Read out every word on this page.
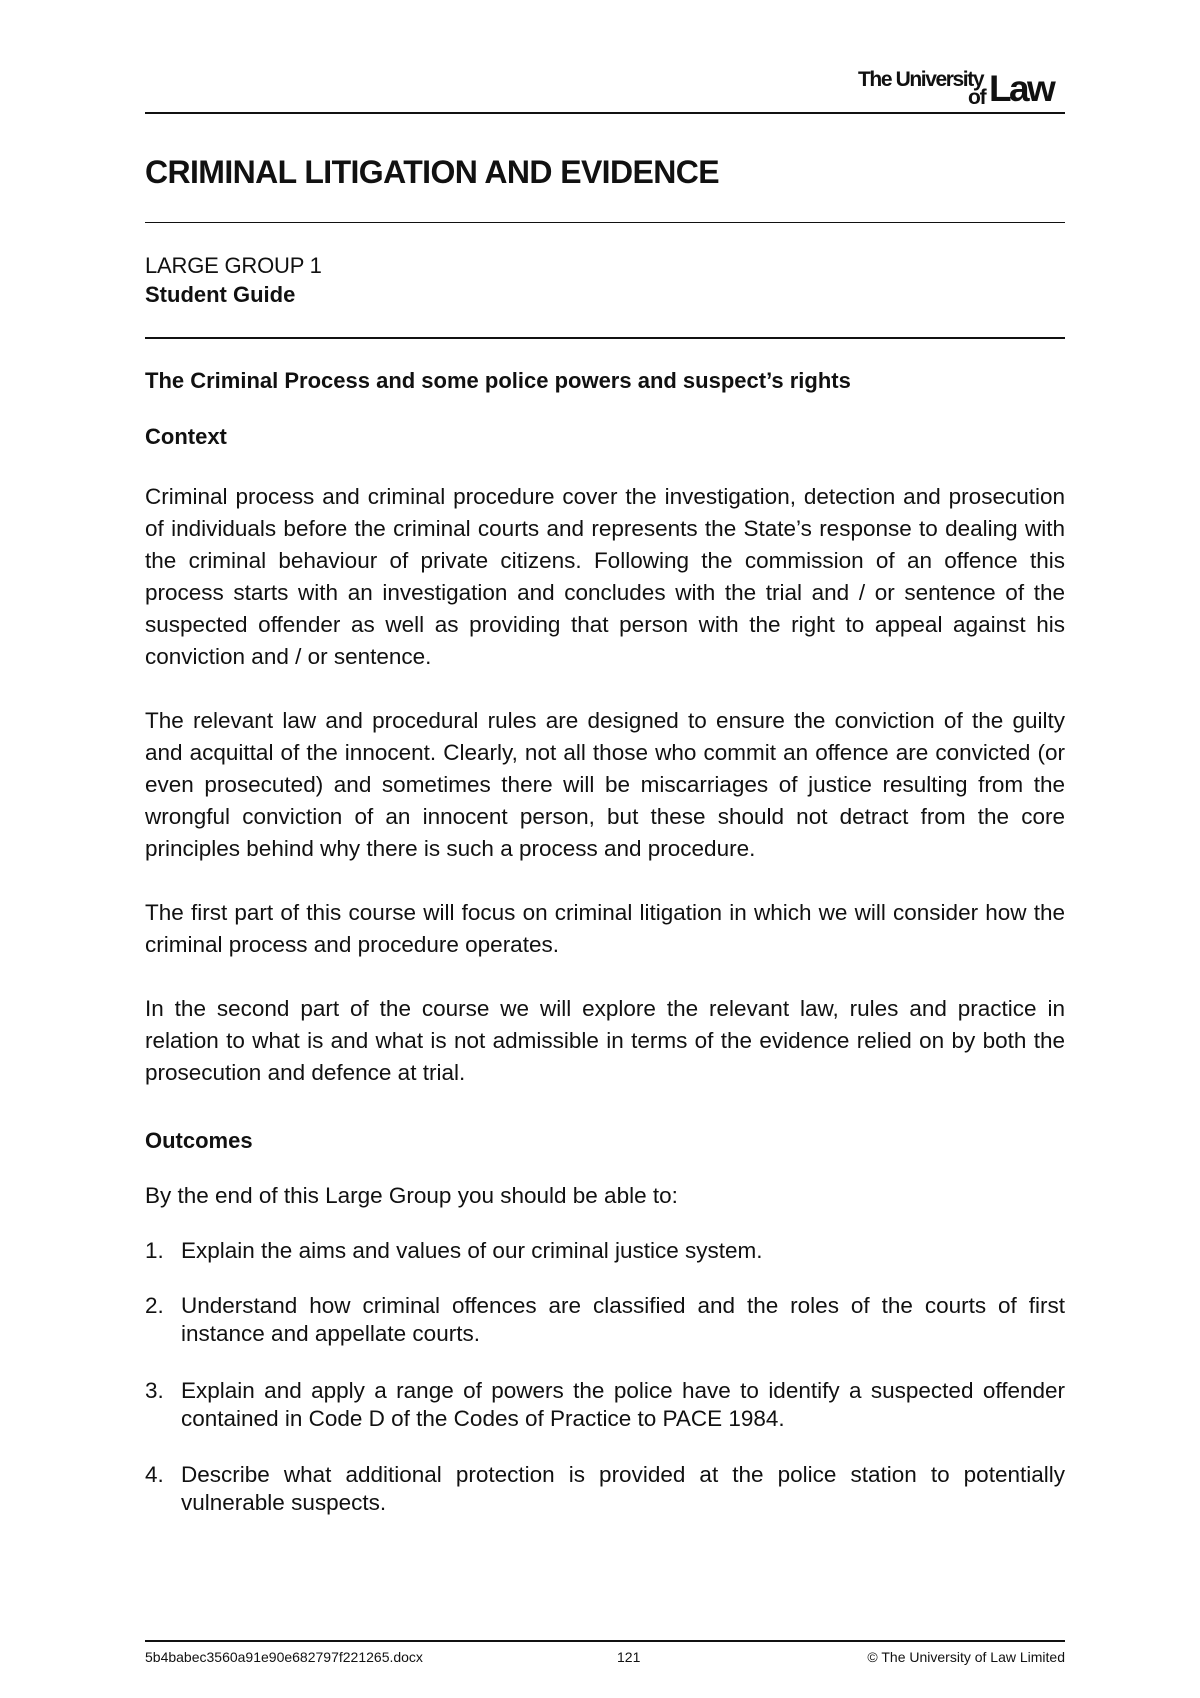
The University
of Law
CRIMINAL LITIGATION AND EVIDENCE
LARGE GROUP 1
Student Guide
The Criminal Process and some police powers and suspect’s rights
Context

Criminal process and criminal procedure cover the investigation, detection and prosecution of individuals before the criminal courts and represents the State’s response to dealing with the criminal behaviour of private citizens. Following the commission of an offence this process starts with an investigation and concludes with the trial and / or sentence of the suspected offender as well as providing that person with the right to appeal against his conviction and / or sentence.

The relevant law and procedural rules are designed to ensure the conviction of the guilty and acquittal of the innocent. Clearly, not all those who commit an offence are convicted (or even prosecuted) and sometimes there will be miscarriages of justice resulting from the wrongful conviction of an innocent person, but these should not detract from the core principles behind why there is such a process and procedure.

The first part of this course will focus on criminal litigation in which we will consider how the criminal process and procedure operates.

In the second part of the course we will explore the relevant law, rules and practice in relation to what is and what is not admissible in terms of the evidence relied on by both the prosecution and defence at trial.

Outcomes

By the end of this Large Group you should be able to:

1. Explain the aims and values of our criminal justice system.
2. Understand how criminal offences are classified and the roles of the courts of first instance and appellate courts.
3. Explain and apply a range of powers the police have to identify a suspected offender contained in Code D of the Codes of Practice to PACE 1984.
4. Describe what additional protection is provided at the police station to potentially vulnerable suspects.
5b4babec3560a91e90e682797f221265.docx	121	© The University of Law Limited
